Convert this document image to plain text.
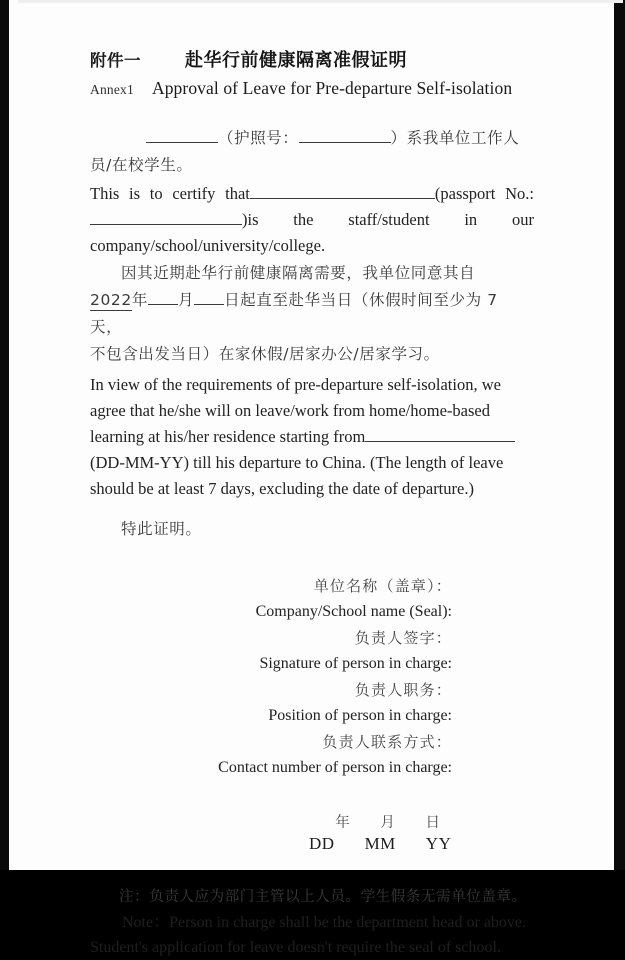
附件一 赴华行前健康隔离准假证明
Annex1 Approval of Leave for Pre-departure Self-isolation
（护照号：	）系我单位工作人
员/在校学生。
This is to certify that	(passport No.:)is the staff/student in our company/school/university/college.
因其近期赴华行前健康隔离需要，我单位同意其自
2022年 月 日起直至赴华当日（休假时间至少为 7 天，
不包含出发当日）在家休假/居家办公/居家学习。
In view of the requirements of pre-departure self-isolation, we agree that he/she will on leave/work from home/home-based learning at his/her residence starting from (DD-MM-YY) till his departure to China. (The length of leave should be at least 7 days, excluding the date of departure.)
特此证明。
单位名称（盖章）：
Company/School name (Seal):
负责人签字：
Signature of person in charge:
负责人职务：
Position of person in charge:
负责人联系方式：
Contact number of person in charge:
年 月 日
DD MM YY
注：负责人应为部门主管以上人员。学生假条无需单位盖章。
Note：Person in charge shall be the department head or above.
Student's application for leave doesn't require the seal of school.
